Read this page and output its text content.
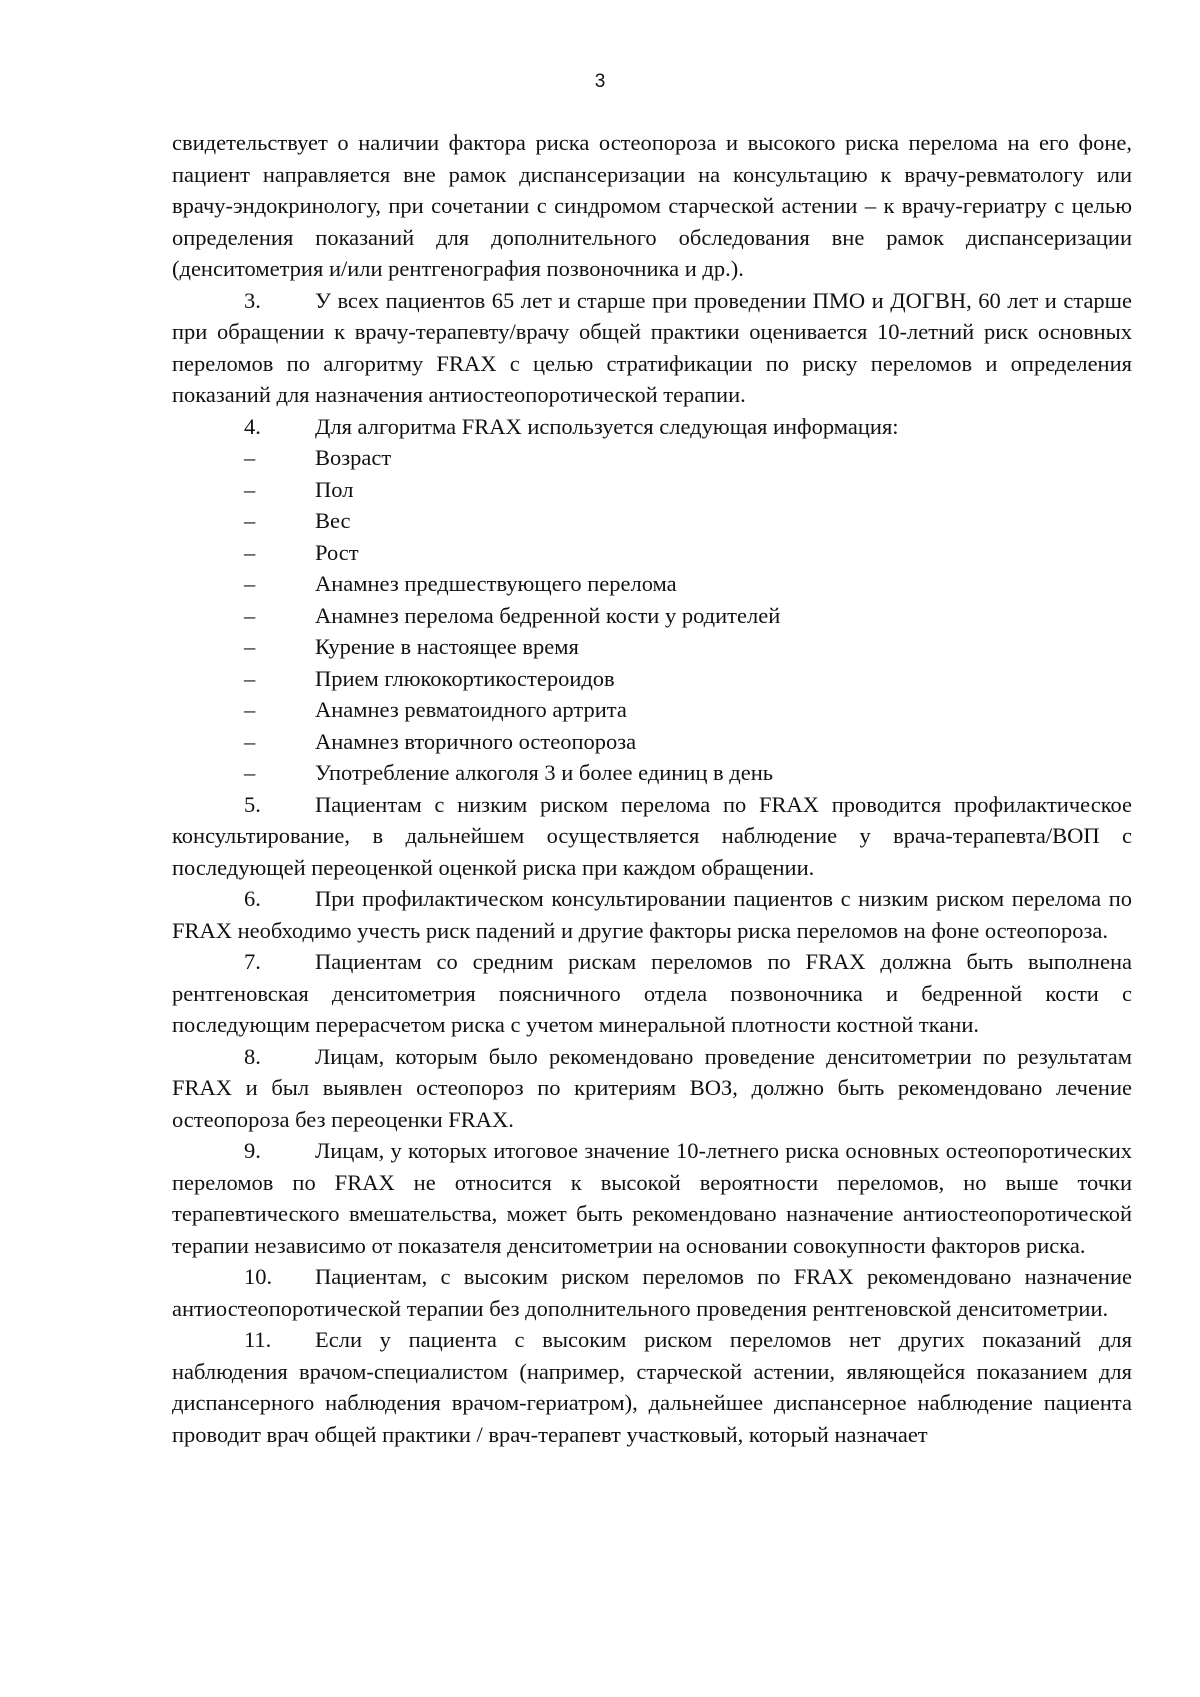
3

свидетельствует о наличии фактора риска остеопороза и высокого риска перелома на его фоне, пациент направляется вне рамок диспансеризации на консультацию к врачу-ревматологу или врачу-эндокринологу, при сочетании с синдромом старческой астении – к врачу-гериатру с целью определения показаний для дополнительного обследования вне рамок диспансеризации (денситометрия и/или рентгенография позвоночника и др.).

3. У всех пациентов 65 лет и старше при проведении ПМО и ДОГВН, 60 лет и старше при обращении к врачу-терапевту/врачу общей практики оценивается 10-летний риск основных переломов по алгоритму FRAX с целью стратификации по риску переломов и определения показаний для назначения антиостеопоротической терапии.

4. Для алгоритма FRAX используется следующая информация:

–	Возраст

–	Пол

–	Вес

–	Рост

–	Анамнез предшествующего перелома

–	Анамнез перелома бедренной кости у родителей

–	Курение в настоящее время

–	Прием глюкокортикостероидов

–	Анамнез ревматоидного артрита

–	Анамнез вторичного остеопороза

–	Употребление алкоголя 3 и более единиц в день

5. Пациентам с низким риском перелома по FRAX проводится профилактическое консультирование, в дальнейшем осуществляется наблюдение у врача-терапевта/ВОП с последующей переоценкой оценкой риска при каждом обращении.

6. При профилактическом консультировании пациентов с низким риском перелома по FRAX необходимо учесть риск падений и другие факторы риска переломов на фоне остеопороза.

7. Пациентам со средним рискам переломов по FRAX должна быть выполнена рентгеновская денситометрия поясничного отдела позвоночника и бедренной кости с последующим перерасчетом риска с учетом минеральной плотности костной ткани.

8. Лицам, которым было рекомендовано проведение денситометрии по результатам FRAX и был выявлен остеопороз по критериям ВОЗ, должно быть рекомендовано лечение остеопороза без переоценки FRAX.

9. Лицам, у которых итоговое значение 10-летнего риска основных остеопоротических переломов по FRAX не относится к высокой вероятности переломов, но выше точки терапевтического вмешательства, может быть рекомендовано назначение антиостеопоротической терапии независимо от показателя денситометрии на основании совокупности факторов риска.

10. Пациентам, с высоким риском переломов по FRAX рекомендовано назначение антиостеопоротической терапии без дополнительного проведения рентгеновской денситометрии.

11. Если у пациента с высоким риском переломов нет других показаний для наблюдения врачом-специалистом (например, старческой астении, являющейся показанием для диспансерного наблюдения врачом-гериатром), дальнейшее диспансерное наблюдение пациента проводит врач общей практики / врач-терапевт участковый, который назначает
